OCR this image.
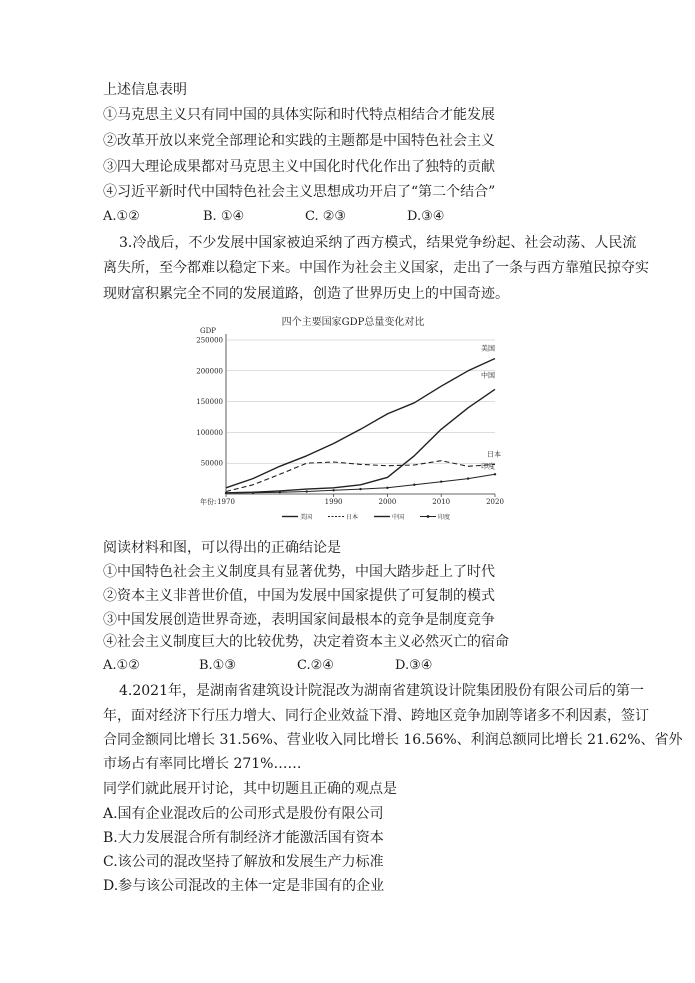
上述信息表明
①马克思主义只有同中国的具体实际和时代特点相结合才能发展
②改革开放以来党全部理论和实践的主题都是中国特色社会主义
③四大理论成果都对马克思主义中国化时代化作出了独特的贡献
④习近平新时代中国特色社会主义思想成功开启了“第二个结合”
A.①②	B. ①④	C. ②③	D.③④
3.冷战后，不少发展中国家被迫采纳了西方模式，结果党争纷起、社会动荡、人民流
离失所，至今都难以稳定下来。中国作为社会主义国家，走出了一条与西方靠殖民掠夺实
现财富积累完全不同的发展道路，创造了世界历史上的中国奇迹。
四个主要国家GDP总量变化对比
GDP
50000
100000
150000
200000
250000
年份: 1970	1990	2000	2010	2020
美国
日本
中国
印度
美国	日本	中国	印度
阅读材料和图，可以得出的正确结论是
①中国特色社会主义制度具有显著优势，中国大踏步赶上了时代
②资本主义非普世价值，中国为发展中国家提供了可复制的模式
③中国发展创造世界奇迹，表明国家间最根本的竞争是制度竞争
④社会主义制度巨大的比较优势，决定着资本主义必然灭亡的宿命
A.①②	B.①③	C.②④	D.③④
4.2021年，是湖南省建筑设计院混改为湖南省建筑设计院集团股份有限公司后的第一
年，面对经济下行压力增大、同行企业效益下滑、跨地区竞争加剧等诸多不利因素，签订
合同金额同比增长 31.56%、营业收入同比增长 16.56%、利润总额同比增长 21.62%、省外
市场占有率同比增长 271%……
同学们就此展开讨论，其中切题且正确的观点是
A.国有企业混改后的公司形式是股份有限公司
B.大力发展混合所有制经济才能激活国有资本
C.该公司的混改坚持了解放和发展生产力标准
D.参与该公司混改的主体一定是非国有的企业
